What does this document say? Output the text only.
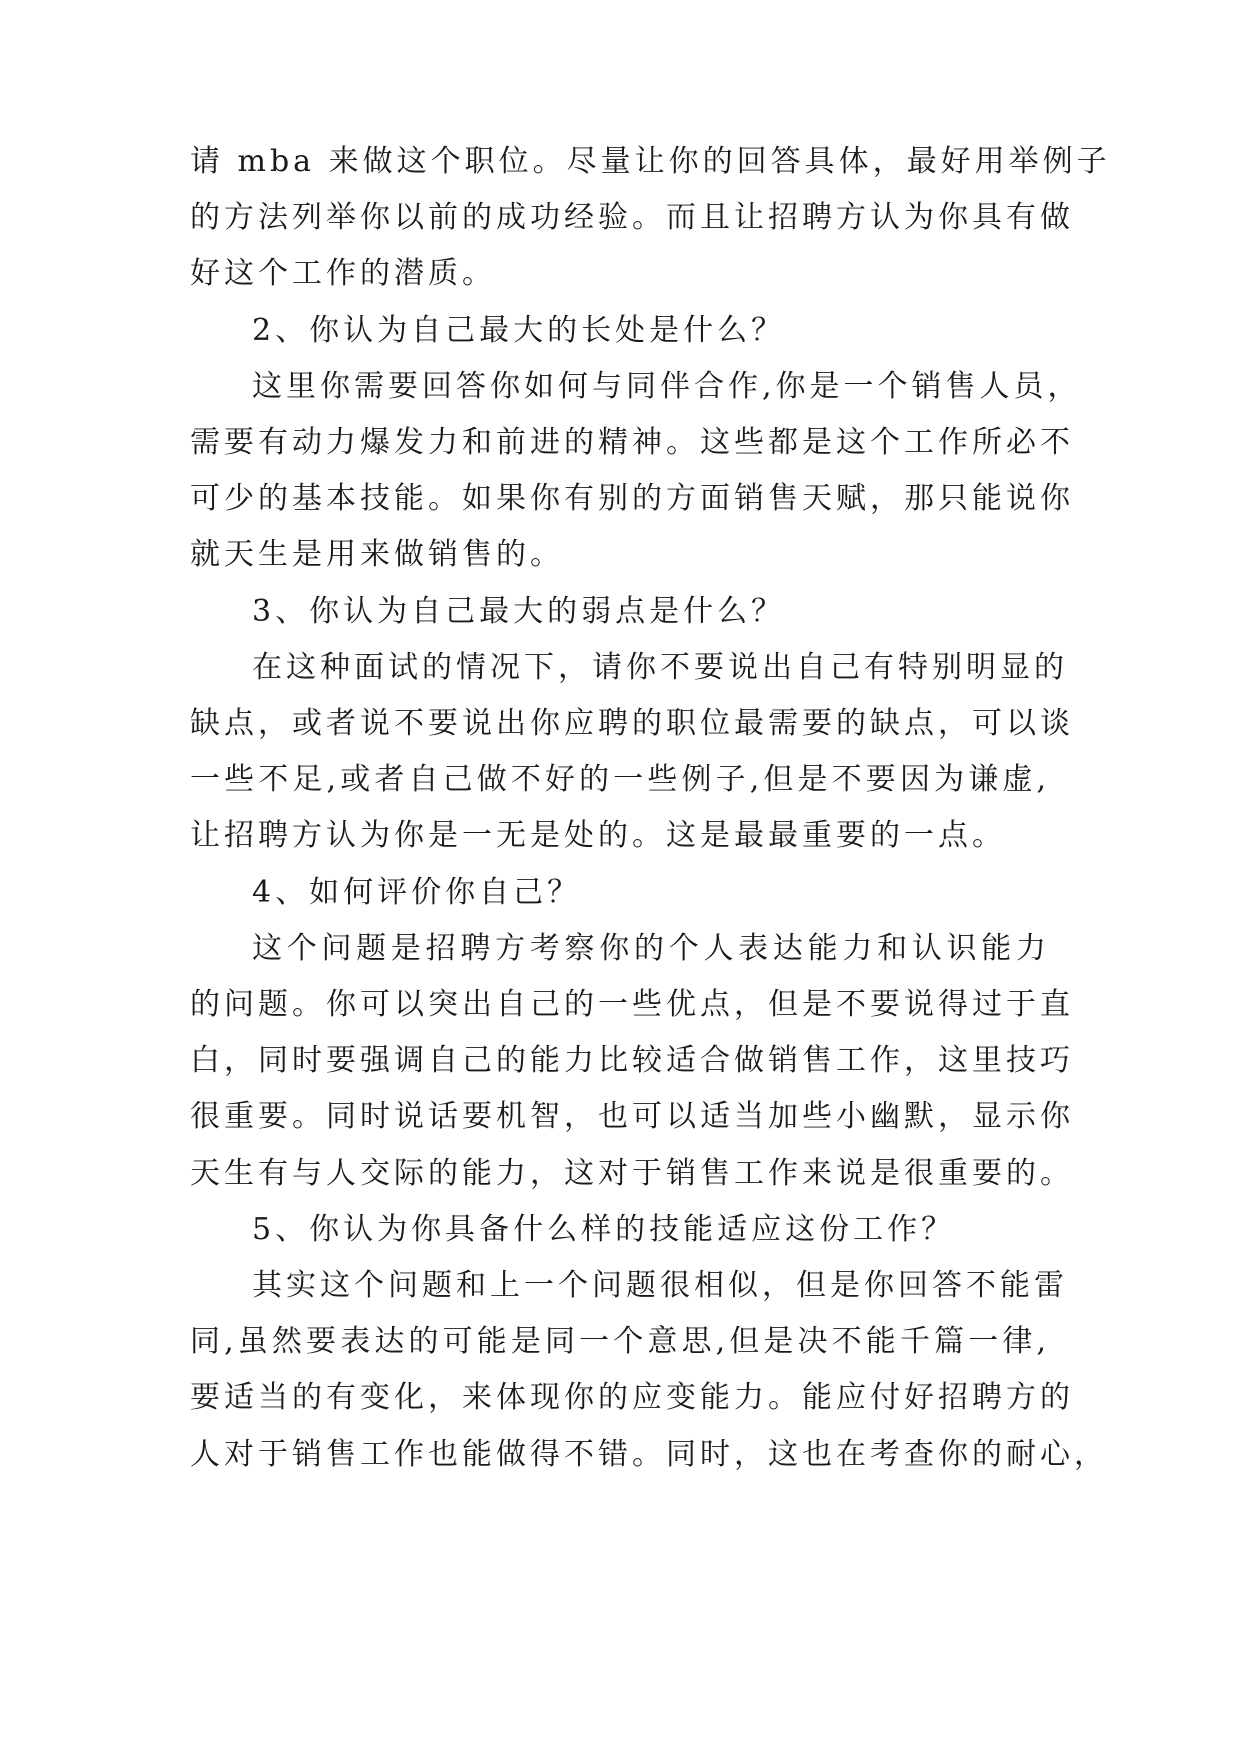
请 mba 来做这个职位。尽量让你的回答具体，最好用举例子
的方法列举你以前的成功经验。而且让招聘方认为你具有做
好这个工作的潜质。
2、你认为自己最大的长处是什么？
这里你需要回答你如何与同伴合作,你是一个销售人员，
需要有动力爆发力和前进的精神。这些都是这个工作所必不
可少的基本技能。如果你有别的方面销售天赋，那只能说你
就天生是用来做销售的。
3、你认为自己最大的弱点是什么？
在这种面试的情况下，请你不要说出自己有特别明显的
缺点，或者说不要说出你应聘的职位最需要的缺点，可以谈
一些不足,或者自己做不好的一些例子,但是不要因为谦虚,
让招聘方认为你是一无是处的。这是最最重要的一点。
4、如何评价你自己？
这个问题是招聘方考察你的个人表达能力和认识能力
的问题。你可以突出自己的一些优点，但是不要说得过于直
白，同时要强调自己的能力比较适合做销售工作，这里技巧
很重要。同时说话要机智，也可以适当加些小幽默，显示你
天生有与人交际的能力，这对于销售工作来说是很重要的。
5、你认为你具备什么样的技能适应这份工作？
其实这个问题和上一个问题很相似，但是你回答不能雷
同,虽然要表达的可能是同一个意思,但是决不能千篇一律,
要适当的有变化，来体现你的应变能力。能应付好招聘方的
人对于销售工作也能做得不错。同时，这也在考查你的耐心，
